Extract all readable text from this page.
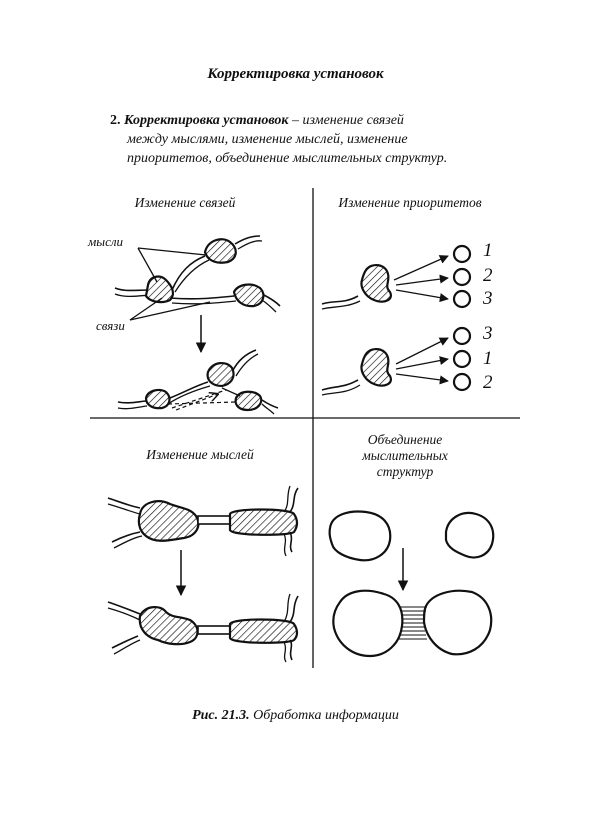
Корректировка установок
2. Корректировка установок – изменение связей
между мыслями, изменение мыслей, изменение
приоритетов, объединение мыслительных структур.
Изменение связей	Изменение приоритетов
Изменение мыслей
Объединение
мыслительных
структур
мысли
связи
1
2
3
3
1
2
Рис. 21.3. Обработка информации
